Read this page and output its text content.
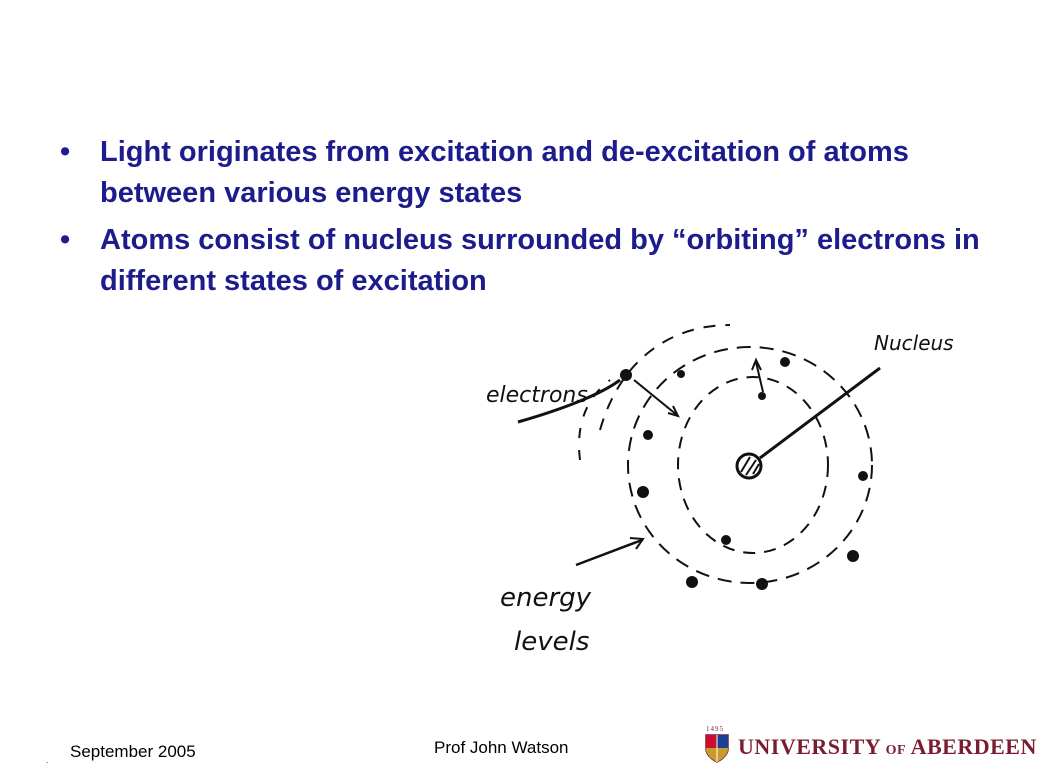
• Light originates from excitation and de-excitation of atoms between various energy states
• Atoms consist of nucleus surrounded by “orbiting” electrons in different states of excitation
electrons
Nucleus
energy
levels
. September 2005	Prof John Watson
1495
UNIVERSITY OF ABERDEEN
